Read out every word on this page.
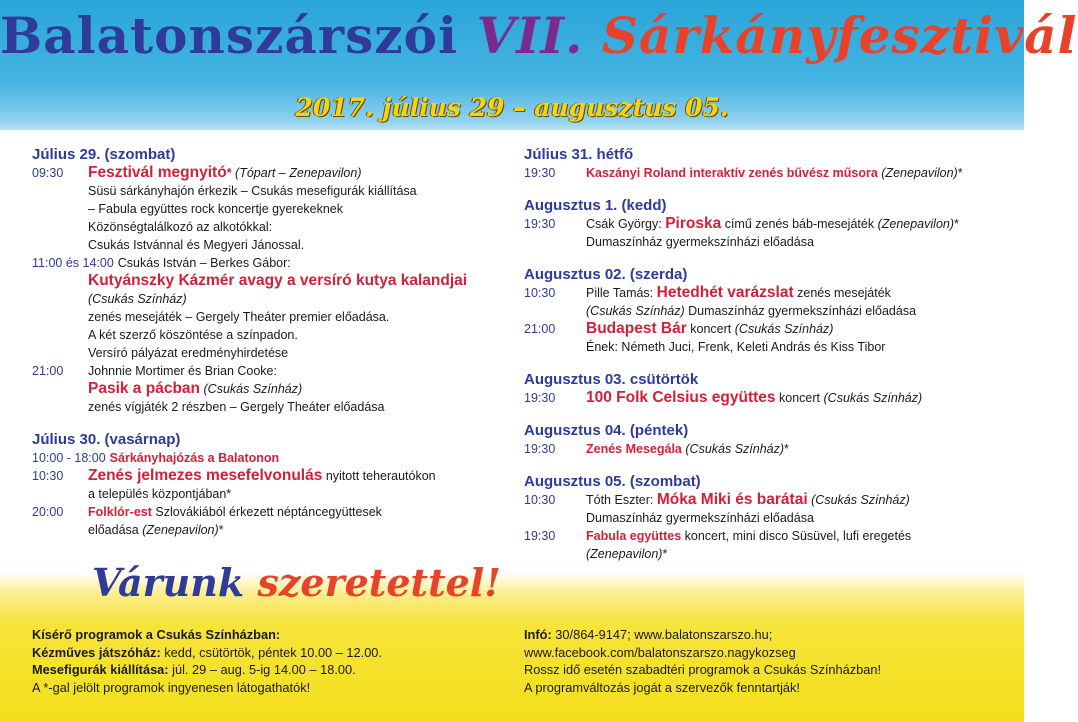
Balatonszárszói VII. Sárkányfesztivál
2017. július 29 – augusztus 05.
Július 29. (szombat)
09:30	Fesztivál megnyitó* (Tópart – Zenepavilon)
Süsü sárkányhajón érkezik – Csukás mesefigurák kiállítása
– Fabula együttes rock koncertje gyerekeknek
Közönségtalálkozó az alkotókkal:
Csukás Istvánnal és Megyeri Jánossal.
11:00 és 14:00 Csukás István – Berkes Gábor:
Kutyánszky Kázmér avagy a versíró kutya kalandjai
(Csukás Színház)
zenés mesejáték – Gergely Theáter premier előadása.
A két szerző köszöntése a színpadon.
Versíró pályázat eredményhirdetése
21:00	Johnnie Mortimer és Brian Cooke:
Pasik a pácban (Csukás Színház)
zenés vígjáték 2 részben – Gergely Theáter előadása
Július 30. (vasárnap)
10:00 - 18:00 Sárkányhajózás a Balatonon
10:30	Zenés jelmezes mesefelvonulás nyitott teherautókon
a település központjában*
20:00	Folklór-est Szlovákiából érkezett néptáncegyüttesek
előadása (Zenepavilon)*
Várunk szeretettel!
Július 31. hétfő
19:30	Kaszányi Roland interaktív zenés bűvész műsora (Zenepavilon)*
Augusztus 1. (kedd)
19:30	Csák György: Piroska című zenés báb-mesejáték (Zenepavilon)*
Dumaszínház gyermekszínházi előadása
Augusztus 02. (szerda)
10:30	Pille Tamás: Hetedhét varázslat zenés mesejáték
(Csukás Színház) Dumaszínház gyermekszínházi előadása
21:00	Budapest Bár koncert (Csukás Színház)
Ének: Németh Juci, Frenk, Keleti András és Kiss Tibor
Augusztus 03. csütörtök
19:30	100 Folk Celsius együttes koncert (Csukás Színház)
Augusztus 04. (péntek)
19:30	Zenés Mesegála (Csukás Színház)*
Augusztus 05. (szombat)
10:30	Tóth Eszter: Móka Miki és barátai (Csukás Színház)
Dumaszínház gyermekszínházi előadása
19:30	Fabula együttes koncert, mini disco Süsüvel, lufi eregetés
(Zenepavilon)*
Kísérő programok a Csukás Színházban:
Kézműves játszóház: kedd, csütörtök, péntek 10.00 – 12.00.
Mesefigurák kiállítása: júl. 29 – aug. 5-ig 14.00 – 18.00.
A *-gal jelölt programok ingyenesen látogathatók!
Infó: 30/864-9147; www.balatonszarszo.hu;
www.facebook.com/balatonszarszo.nagykozseg
Rossz idő esetén szabadtéri programok a Csukás Színházban!
A programváltozás jogát a szervezők fenntartják!
